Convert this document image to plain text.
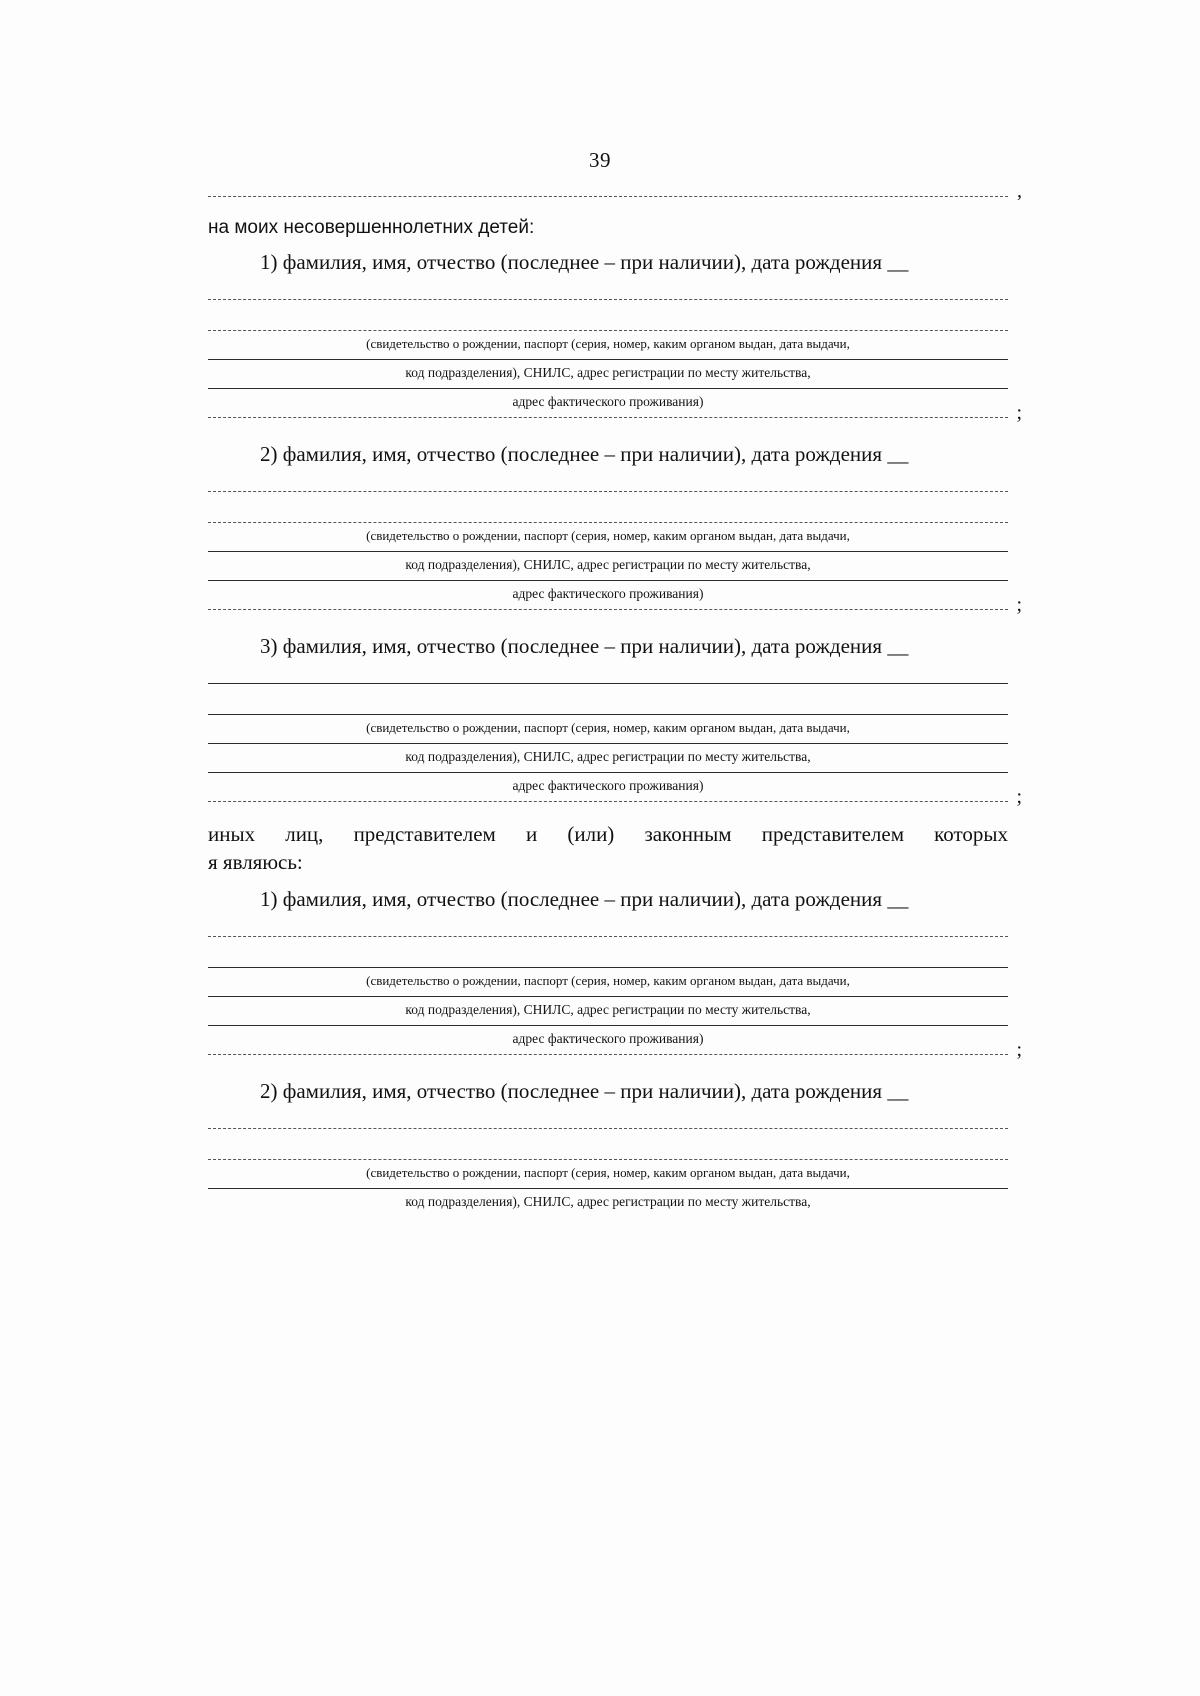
39
,
на моих несовершеннолетних детей:
1) фамилия, имя, отчество (последнее – при наличии), дата рождения __
(свидетельство о рождении, паспорт (серия, номер, каким органом выдан, дата выдачи,
код подразделения), СНИЛС, адрес регистрации по месту жительства,
адрес фактического проживания)
;
2) фамилия, имя, отчество (последнее – при наличии), дата рождения __
(свидетельство о рождении, паспорт (серия, номер, каким органом выдан, дата выдачи,
код подразделения), СНИЛС, адрес регистрации по месту жительства,
адрес фактического проживания)
;
3) фамилия, имя, отчество (последнее – при наличии), дата рождения __
(свидетельство о рождении, паспорт (серия, номер, каким органом выдан, дата выдачи,
код подразделения), СНИЛС, адрес регистрации по месту жительства,
адрес фактического проживания)
;
иных лиц, представителем и (или) законным представителем которых
я являюсь:
1) фамилия, имя, отчество (последнее – при наличии), дата рождения __
(свидетельство о рождении, паспорт (серия, номер, каким органом выдан, дата выдачи,
код подразделения), СНИЛС, адрес регистрации по месту жительства,
адрес фактического проживания)
;
2) фамилия, имя, отчество (последнее – при наличии), дата рождения __
(свидетельство о рождении, паспорт (серия, номер, каким органом выдан, дата выдачи,
код подразделения), СНИЛС, адрес регистрации по месту жительства,
